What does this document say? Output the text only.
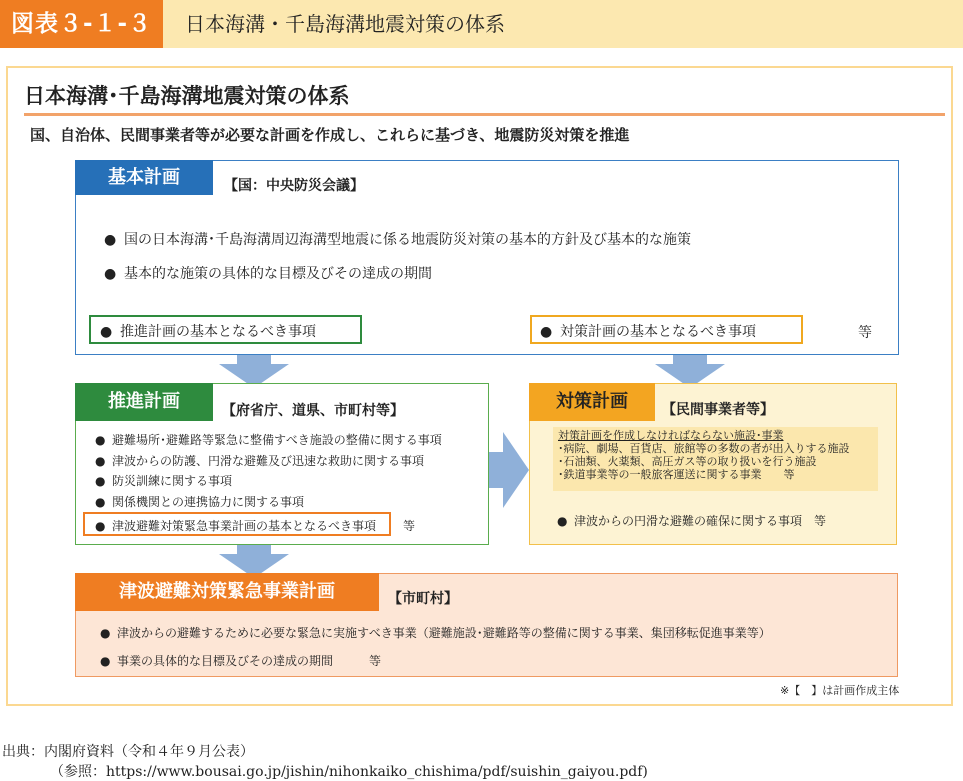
図表３-１-３	日本海溝・千島海溝地震対策の体系
日本海溝･千島海溝地震対策の体系
国、自治体、民間事業者等が必要な計画を作成し、これらに基づき、地震防災対策を推進
基本計画	【国：中央防災会議】
● 国の日本海溝･千島海溝周辺海溝型地震に係る地震防災対策の基本的方針及び基本的な施策
● 基本的な施策の具体的な目標及びその達成の期間
● 推進計画の基本となるべき事項	● 対策計画の基本となるべき事項	等
推進計画	【府省庁、道県、市町村等】
● 避難場所･避難路等緊急に整備すべき施設の整備に関する事項
● 津波からの防護、円滑な避難及び迅速な救助に関する事項
● 防災訓練に関する事項
● 関係機関との連携協力に関する事項
● 津波避難対策緊急事業計画の基本となるべき事項 等
対策計画	【民間事業者等】
対策計画を作成しなければならない施設･事業
･病院、劇場、百貨店、旅館等の多数の者が出入りする施設
･石油類、火薬類、高圧ガス等の取り扱いを行う施設
･鉄道事業等の一般旅客運送に関する事業　　等
● 津波からの円滑な避難の確保に関する事項　等
津波避難対策緊急事業計画	【市町村】
● 津波からの避難するために必要な緊急に実施すべき事業（避難施設･避難路等の整備に関する事業、集団移転促進事業等）
● 事業の具体的な目標及びその達成の期間　　　等
※【　】は計画作成主体
出典：内閣府資料（令和４年９月公表）
（参照：https://www.bousai.go.jp/jishin/nihonkaiko_chishima/pdf/suishin_gaiyou.pdf)
